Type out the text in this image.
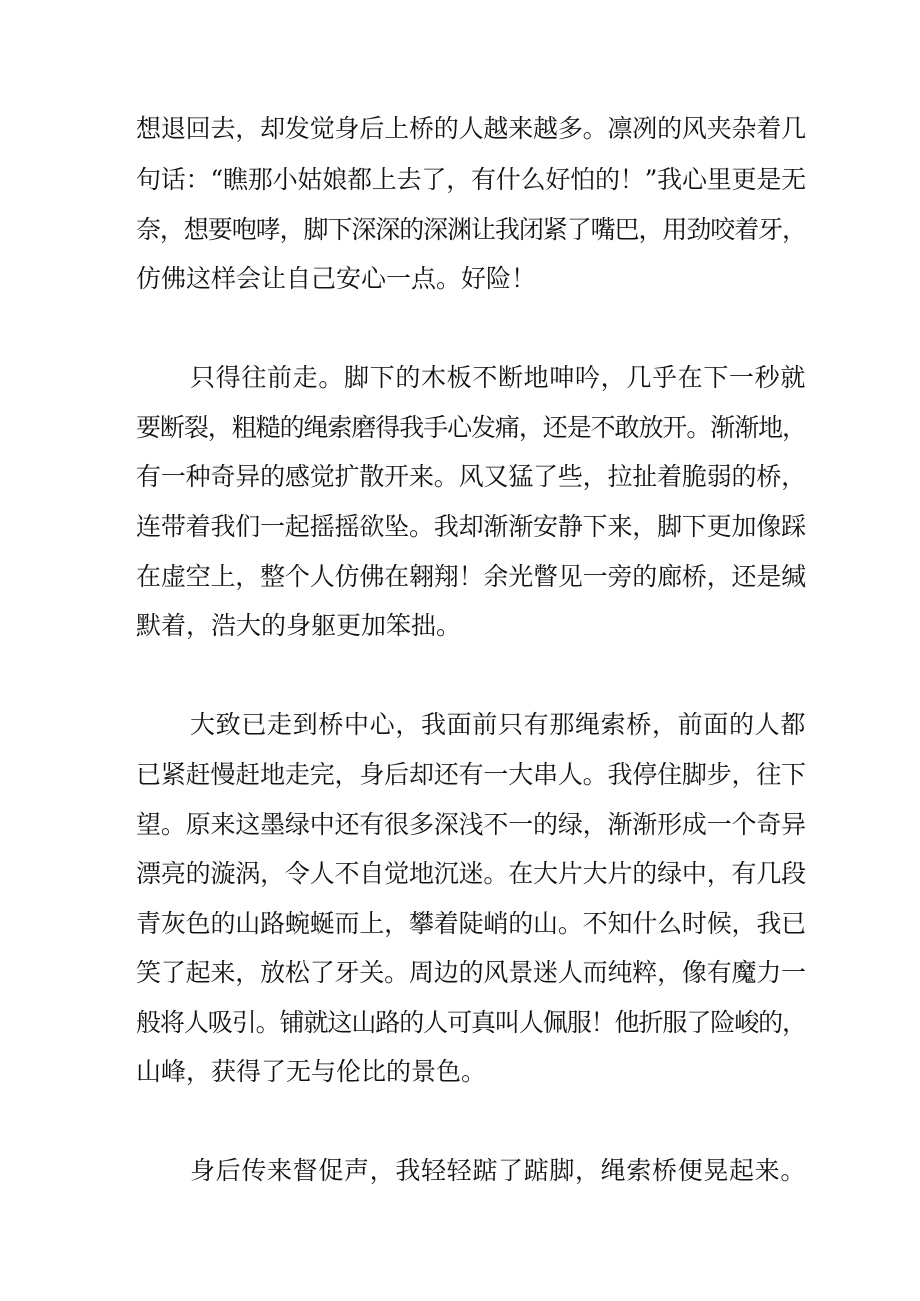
想退回去，却发觉身后上桥的人越来越多。凛冽的风夹杂着几
句话：“瞧那小姑娘都上去了，有什么好怕的！”我心里更是无
奈，想要咆哮，脚下深深的深渊让我闭紧了嘴巴，用劲咬着牙，
仿佛这样会让自己安心一点。好险！
只得往前走。脚下的木板不断地呻吟，几乎在下一秒就
要断裂，粗糙的绳索磨得我手心发痛，还是不敢放开。渐渐地，
有一种奇异的感觉扩散开来。风又猛了些，拉扯着脆弱的桥，
连带着我们一起摇摇欲坠。我却渐渐安静下来，脚下更加像踩
在虚空上，整个人仿佛在翱翔！余光瞥见一旁的廊桥，还是缄
默着，浩大的身躯更加笨拙。
大致已走到桥中心，我面前只有那绳索桥，前面的人都
已紧赶慢赶地走完，身后却还有一大串人。我停住脚步，往下
望。原来这墨绿中还有很多深浅不一的绿，渐渐形成一个奇异
漂亮的漩涡，令人不自觉地沉迷。在大片大片的绿中，有几段
青灰色的山路蜿蜒而上，攀着陡峭的山。不知什么时候，我已
笑了起来，放松了牙关。周边的风景迷人而纯粹，像有魔力一
般将人吸引。铺就这山路的人可真叫人佩服！他折服了险峻的，
山峰，获得了无与伦比的景色。
身后传来督促声，我轻轻踮了踮脚，绳索桥便晃起来。
